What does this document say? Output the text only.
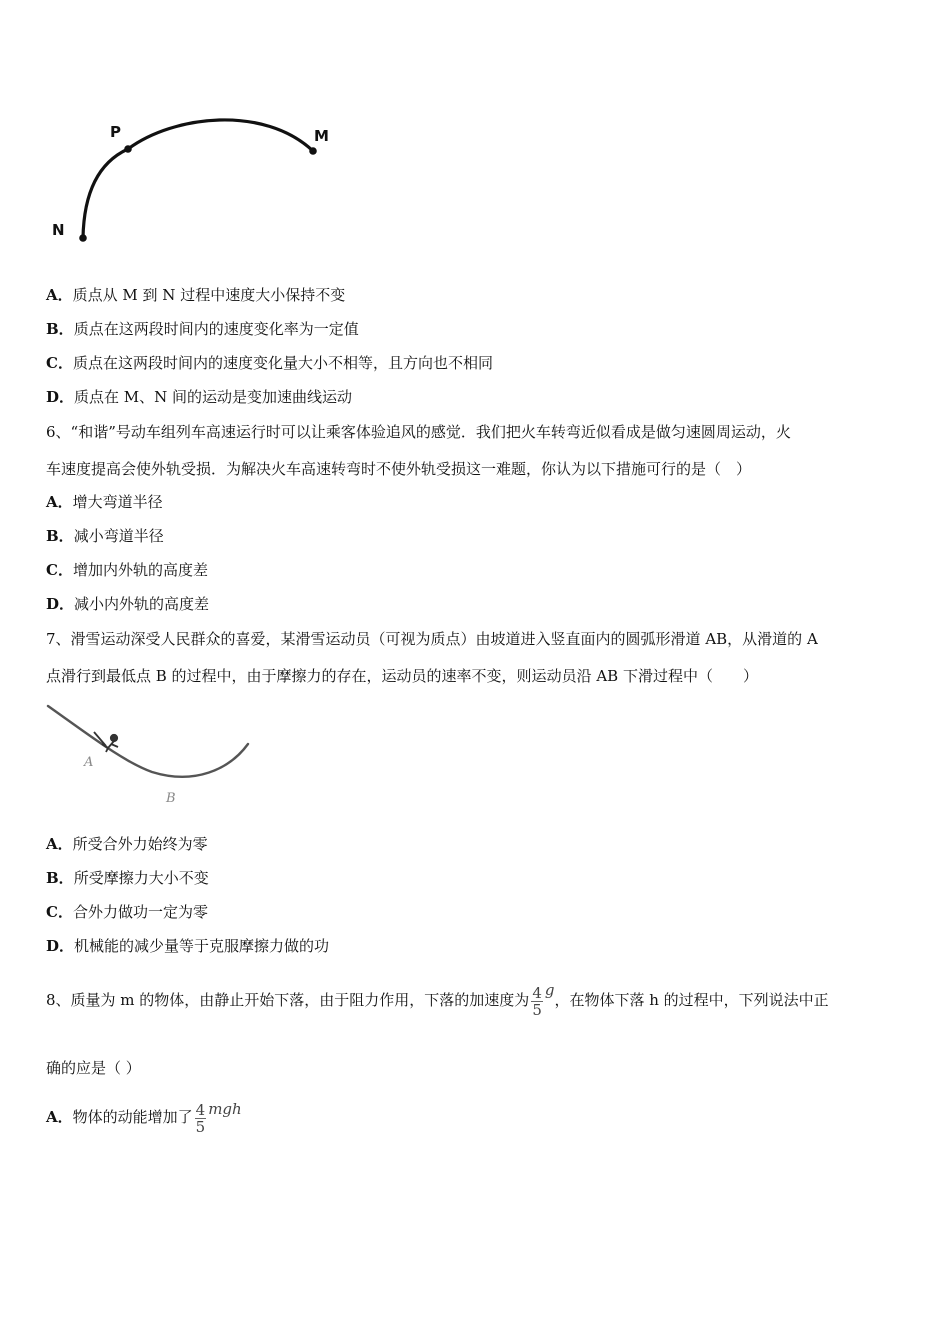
P	M
N
A．质点从 M 到 N 过程中速度大小保持不变
B．质点在这两段时间内的速度变化率为一定值
C．质点在这两段时间内的速度变化量大小不相等，且方向也不相同
D．质点在 M、N 间的运动是变加速曲线运动
6、“和谐”号动车组列车高速运行时可以让乘客体验追风的感觉．我们把火车转弯近似看成是做匀速圆周运动，火
车速度提高会使外轨受损．为解决火车高速转弯时不使外轨受损这一难题，你认为以下措施可行的是（　）
A．增大弯道半径
B．减小弯道半径
C．增加内外轨的高度差
D．减小内外轨的高度差
7、滑雪运动深受人民群众的喜爱，某滑雪运动员（可视为质点）由坡道进入竖直面内的圆弧形滑道 AB，从滑道的 A
点滑行到最低点 B 的过程中，由于摩擦力的存在，运动员的速率不变，则运动员沿 AB 下滑过程中（　　）
A
B
A．所受合外力始终为零
B．所受摩擦力大小不变
C．合外力做功一定为零
D．机械能的减少量等于克服摩擦力做的功
8、质量为 m 的物体，由静止开始下落，由于阻力作用，下落的加速度为 $\frac{4}{5}$ g，在物体下落 h 的过程中，下列说法中正
确的应是（ ）
A．物体的动能增加了 $\frac{4}{5}$ mgh
